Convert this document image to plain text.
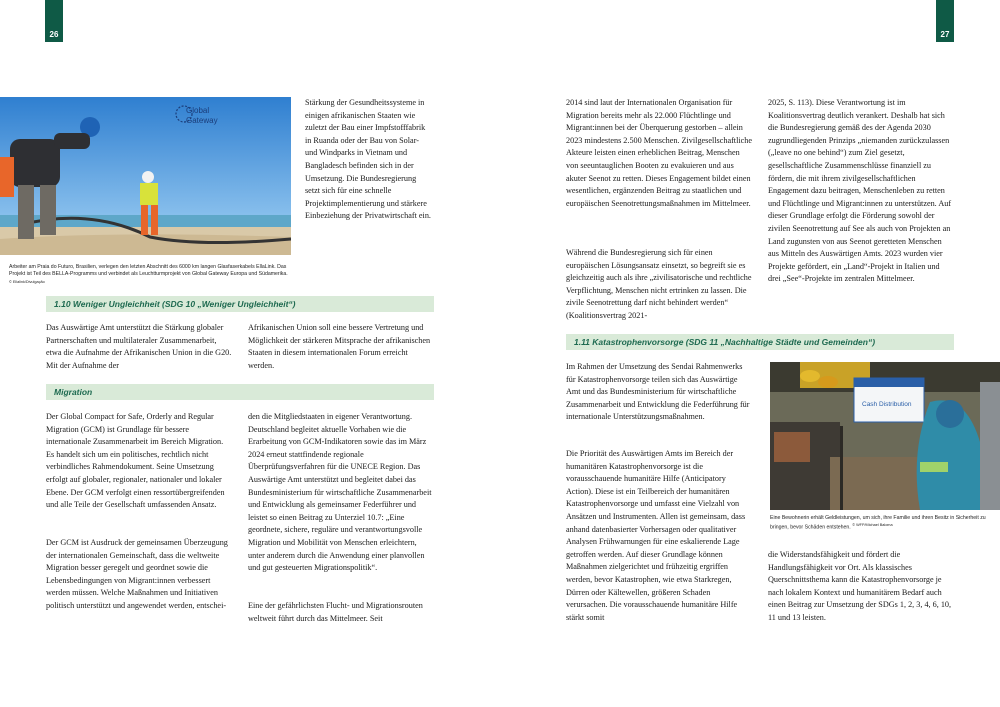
26
Global
Gateway

Arbeiter am Praia do Futuro, Brasilien, verlegen den letzten Abschnitt des 6000 km langen Glasfaserkabels EllaLink. Das Projekt ist Teil des BELLA-Programms und verbindet als Leuchtturmprojekt von Global Gateway Europa und Südamerika. $^{© Ellalink/Divulgação}$

Stärkung der Gesundheitssysteme in einigen afrikanischen Staaten wie zuletzt der Bau einer Impfstofffabrik in Ruanda oder der Bau von Solar- und Windparks in Vietnam und Bangladesch befinden sich in der Umsetzung. Die Bundesregierung setzt sich für eine schnelle Projektimplementierung und stärkere Einbeziehung der Privatwirtschaft ein.

1.10 Weniger Ungleichheit (SDG 10 „Weniger Ungleichheit“)

Das Auswärtige Amt unterstützt die Stärkung globaler Partnerschaften und multilateraler Zusammenarbeit, etwa die Aufnahme der Afrikanischen Union in die G20. Mit der Aufnahme der

Afrikanischen Union soll eine bessere Vertretung und Möglichkeit der stärkeren Mitsprache der afrikanischen Staaten in diesem internationalen Forum erreicht werden.

Migration

Der Global Compact for Safe, Orderly and Regular Migration (GCM) ist Grundlage für bessere internationale Zusammenarbeit im Bereich Migration. Es handelt sich um ein politisches, rechtlich nicht verbindliches Rahmendokument. Seine Umsetzung erfolgt auf globaler, regionaler, nationaler und lokaler Ebene. Der GCM verfolgt einen ressortübergreifenden und alle Teile der Gesellschaft umfassenden Ansatz.

Der GCM ist Ausdruck der gemeinsamen Überzeugung der internationalen Gemeinschaft, dass die weltweite Migration besser geregelt und geordnet sowie die Lebensbedingungen von Migrant:innen verbessert werden müssen. Welche Maßnahmen und Initiativen politisch unterstützt und angewendet werden, entschei-

den die Mitgliedstaaten in eigener Verantwortung. Deutschland begleitet aktuelle Vorhaben wie die Erarbeitung von GCM-Indikatoren sowie das im März 2024 erneut stattfindende regionale Überprüfungsverfahren für die UNECE Region. Das Auswärtige Amt unterstützt und begleitet dabei das Bundesministerium für wirtschaftliche Zusammenarbeit und Entwicklung als gemeinsamer Federführer und leistet so einen Beitrag zu Unterziel 10.7: „Eine geordnete, sichere, reguläre und verantwortungsvolle Migration und Mobilität von Menschen erleichtern, unter anderem durch die Anwendung einer planvollen und gut gesteuerten Migrationspolitik“.

Eine der gefährlichsten Flucht- und Migrationsrouten weltweit führt durch das Mittelmeer. Seit

27

2014 sind laut der Internationalen Organisation für Migration bereits mehr als 22.000 Flüchtlinge und Migrant:innen bei der Überquerung gestorben – allein 2023 mindestens 2.500 Menschen. Zivilgesellschaftliche Akteure leisten einen erheblichen Beitrag, Menschen von seeuntauglichen Booten zu evakuieren und aus akuter Seenot zu retten. Dieses Engagement bildet einen wesentlichen, ergänzenden Beitrag zu staatlichen und europäischen Seenotrettungsmaßnahmen im Mittelmeer.

Während die Bundesregierung sich für einen europäischen Lösungsansatz einsetzt, so begreift sie es gleichzeitig auch als ihre „zivilisatorische und rechtliche Verpflichtung, Menschen nicht ertrinken zu lassen. Die zivile Seenotrettung darf nicht behindert werden“ (Koalitionsvertrag 2021-

2025, S. 113). Diese Verantwortung ist im Koalitionsvertrag deutlich verankert. Deshalb hat sich die Bundesregierung gemäß des der Agenda 2030 zugrundliegenden Prinzips „niemanden zurückzulassen („leave no one behind“) zum Ziel gesetzt, gesellschaftliche Zusammenschlüsse finanziell zu fördern, die mit ihrem zivilgesellschaftlichen Engagement dazu beitragen, Menschenleben zu retten und Flüchtlinge und Migrant:innen zu unterstützen. Auf dieser Grundlage erfolgt die Förderung sowohl der zivilen Seenotrettung auf See als auch von Projekten an Land zugunsten von aus Seenot geretteten Menschen aus Mitteln des Auswärtigen Amts. 2023 wurden vier Projekte gefördert, ein „Land“-Projekt in Italien und drei „See“-Projekte im zentralen Mittelmeer.

1.11 Katastrophenvorsorge (SDG 11 „Nachhaltige Städte und Gemeinden“)

Im Rahmen der Umsetzung des Sendai Rahmenwerks für Katastrophenvorsorge teilen sich das Auswärtige Amt und das Bundesministerium für wirtschaftliche Zusammenarbeit und Entwicklung die Federführung für internationale Unterstützungsmaßnahmen.

Die Priorität des Auswärtigen Amts im Bereich der humanitären Katastrophenvorsorge ist die vorausschauende humanitäre Hilfe (Anticipatory Action). Diese ist ein Teilbereich der humanitären Katastrophenvorsorge und umfasst eine Vielzahl von Ansätzen und Instrumenten. Allen ist gemeinsam, dass anhand datenbasierter Vorhersagen oder qualitativer Analysen Frühwarnungen für eine eskalierende Lage getroffen werden. Auf dieser Grundlage können Maßnahmen zielgerichtet und frühzeitig ergriffen werden, bevor Katastrophen, wie etwa Starkregen, Dürren oder Kältewellen, größeren Schaden verursachen. Die vorausschauende humanitäre Hilfe stärkt somit

Cash Distribution

Eine Bewohnerin erhält Geldleistungen, um sich, ihre Familie und ihren Besitz in Sicherheit zu bringen, bevor Schäden entstehen. $^{© WFP/Michael Baloma}$

die Widerstandsfähigkeit und fördert die Handlungsfähigkeit vor Ort. Als klassisches Querschnittsthema kann die Katastrophenvorsorge je nach lokalem Kontext und humanitärem Bedarf auch einen Beitrag zur Umsetzung der SDGs 1, 2, 3, 4, 6, 10, 11 und 13 leisten.
